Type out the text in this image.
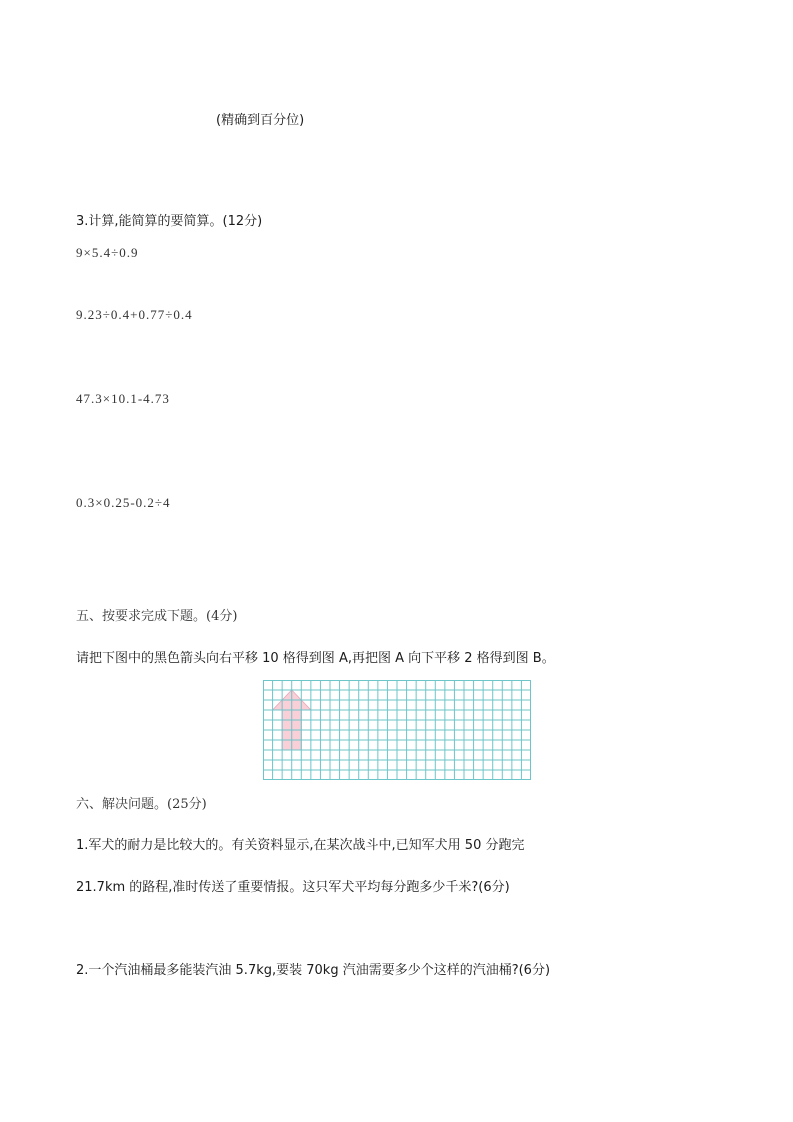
(精确到百分位)
3.计算,能简算的要简算。(12分)
9×5.4÷0.9
9.23÷0.4+0.77÷0.4
47.3×10.1-4.73
0.3×0.25-0.2÷4
五、按要求完成下题。(4分)
请把下图中的黑色箭头向右平移 10 格得到图 A,再把图 A 向下平移 2 格得到图 B。
六、解决问题。(25分)
1.军犬的耐力是比较大的。有关资料显示,在某次战斗中,已知军犬用 50 分跑完
21.7km 的路程,准时传送了重要情报。这只军犬平均每分跑多少千米?(6分)
2.一个汽油桶最多能装汽油 5.7kg,要装 70kg 汽油需要多少个这样的汽油桶?(6分)
